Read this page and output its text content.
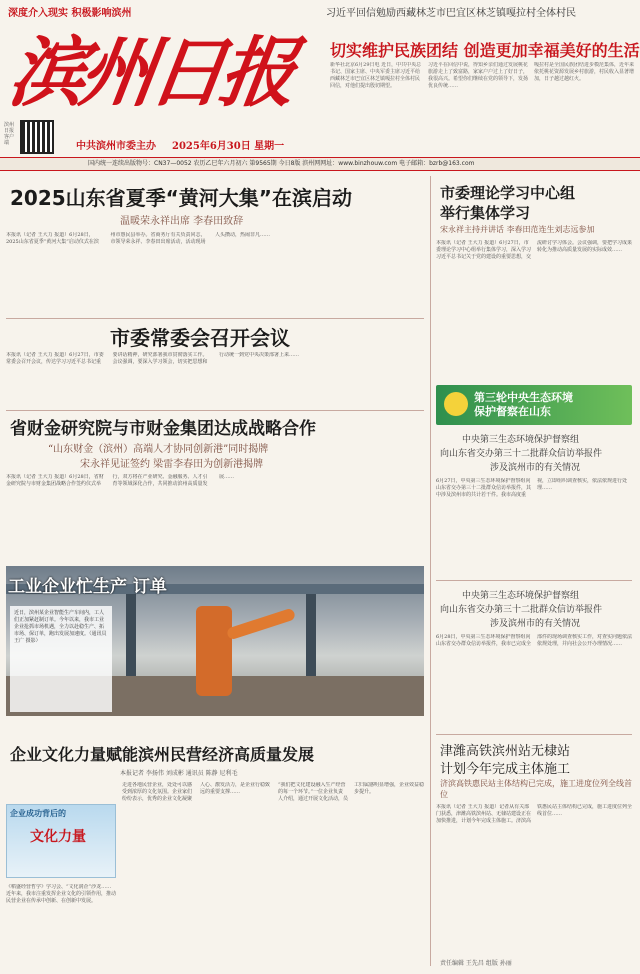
深度介入现实 积极影响滨州
滨州日报
滨州日报客户端	中共滨州市委主办 2025年6月30日 星期一
习近平回信勉励西藏林芝市巴宜区林芝镇嘎拉村全体村民
切实维护民族团结 创造更加幸福美好的生活
新华社北京6月29日电 近日，中共中央总书记、国家主席、中央军委主席习近平给西藏林芝市巴宜区林芝镇嘎拉村全体村民回信，对他们提出殷切期望。
习近平在回信中说，得知乡亲们通过发展桃花旅游走上了致富路，家家户户过上了好日子，我很高兴。希望你们继续在党的领导下，发扬优良传统……
嘎拉村是全国民族团结进步模范集体，近年来依托桃花资源发展乡村旅游，村民收入显著增加，日子越过越红火。
国内统一连续出版物号：CN37—0052 农历乙巳年六月初六 第9565期 今日8版 滨州网网址：www.binzhouw.com 电子邮箱：bzrb@163.com
2025山东省夏季“黄河大集”在滨启动
温暖荣永祥出席 李春田致辞
本报讯（记者 王大力 报道）6月28日，2025山东省夏季“黄河大集”启动仪式在滨州市惠民县举办。省商务厅有关负责同志，市领导荣永祥、李春田出席活动，活动现场人头攒动，热闹非凡……
市委常委会召开会议
本报讯（记者 王大力 报道）6月27日，市委常委会召开会议，传达学习习近平总书记重要讲话精神，研究部署我市贯彻落实工作。会议强调，要深入学习领会，切实把思想和行动统一到党中央决策部署上来……
省财金研究院与市财金集团达成战略合作
“山东财金（滨州）高端人才协同创新港”同时揭牌
宋永祥见证签约 梁雷李春田为创新港揭牌
本报讯（记者 王大力 报道）6月28日，省财金研究院与市财金集团战略合作签约仪式举行，双方将在产业研究、金融服务、人才引育等领域深化合作，共同推动滨州高质量发展……
工业企业忙生产 订单
近日，滨州某企业智能生产车间内，工人们正加紧赶制订单。今年以来，我市工业企业抢抓市场机遇，全力以赴稳生产、拓市场、保订单，跑出发展加速度。（通讯员 王广 摄影）
企业文化力量赋能滨州民营经济高质量发展
本报记者 李扬伟 刘成彬 通讯员 陈静 尼利毛
企业成功背后的
文化力量
《稻盛经营哲学》学习会、“文化润企”沙龙……近年来，我市注重发挥企业文化的引领作用，推动民营企业在传承中创新、在创新中发展。
走进各地民营企业，处处可以感受到浓厚的文化氛围。企业家们纷纷表示，优秀的企业文化凝聚人心、激发活力，是企业行稳致远的重要支撑……
“我们把文化建设融入生产经营的每一个环节。”一位企业负责人介绍，通过开展文化活动，员工归属感明显增强，企业效益稳步提升。
市委理论学习中心组
举行集体学习
宋永祥主持并讲话 李春田范连生刘志远参加
本报讯（记者 王大力 报道）6月27日，市委理论学习中心组举行集体学习，深入学习习近平总书记关于党的建设的重要思想，交流研讨学习体会。会议强调，要把学习成果转化为推动高质量发展的实际成效……
第三轮中央生态环境
保护督察在山东
中央第三生态环境保护督察组
向山东省交办第三十二批群众信访举报件
涉及滨州市的有关情况
6月27日，中央第三生态环境保护督察组向山东省交办第三十二批群众信访举报件，其中涉及滨州市的共计若干件。我市高度重视，立即组织调查核实，依法依规进行处理……
中央第三生态环境保护督察组
向山东省交办第三十二批群众信访举报件
涉及滨州市的有关情况
6月28日，中央第三生态环境保护督察组向山东省交办群众信访举报件，我市已完成全部件的现场调查核实工作，对查实问题依法依规处理，并向社会公开办理情况……
津潍高铁滨州站无棣站
计划今年完成主体施工
济滨高铁惠民站主体结构已完成，施工进度位列全线首位
本报讯（记者 王大力 报道）记者从有关部门获悉，津潍高铁滨州站、无棣站建设正在加快推进，计划今年完成主体施工。济滨高铁惠民站主体结构已完成，施工进度位列全线首位……
责任编辑 王先昌 组版 孙丽
